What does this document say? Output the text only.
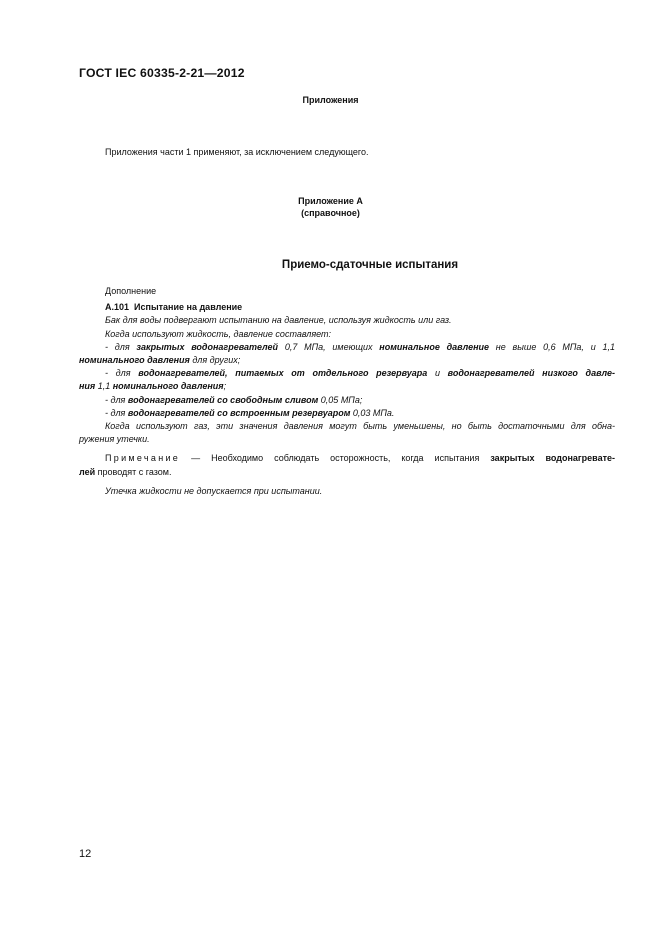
ГОСТ IEC 60335-2-21—2012
Приложения
Приложения части 1 применяют, за исключением следующего.
Приложение А
(справочное)
Приемо-сдаточные испытания

Дополнение

А.101 Испытание на давление

Бак для воды подвергают испытанию на давление, используя жидкость или газ.

Когда используют жидкость, давление составляет:

- для закрытых водонагревателей 0,7 МПа, имеющих номинальное давление не выше 0,6 МПа, и 1,1

номинального давления для других;

- для водонагревателей, питаемых от отдельного резервуара и водонагревателей низкого давле-

ния 1,1 номинального давления;

- для водонагревателей со свободным сливом 0,05 МПа;

- для водонагревателей со встроенным резервуаром 0,03 МПа.

Когда используют газ, эти значения давления могут быть уменьшены, но быть достаточными для обна-

ружения утечки.

Примечание — Необходимо соблюдать осторожность, когда испытания закрытых водонагревате-

лей проводят с газом.

Утечка жидкости не допускается при испытании.

12
